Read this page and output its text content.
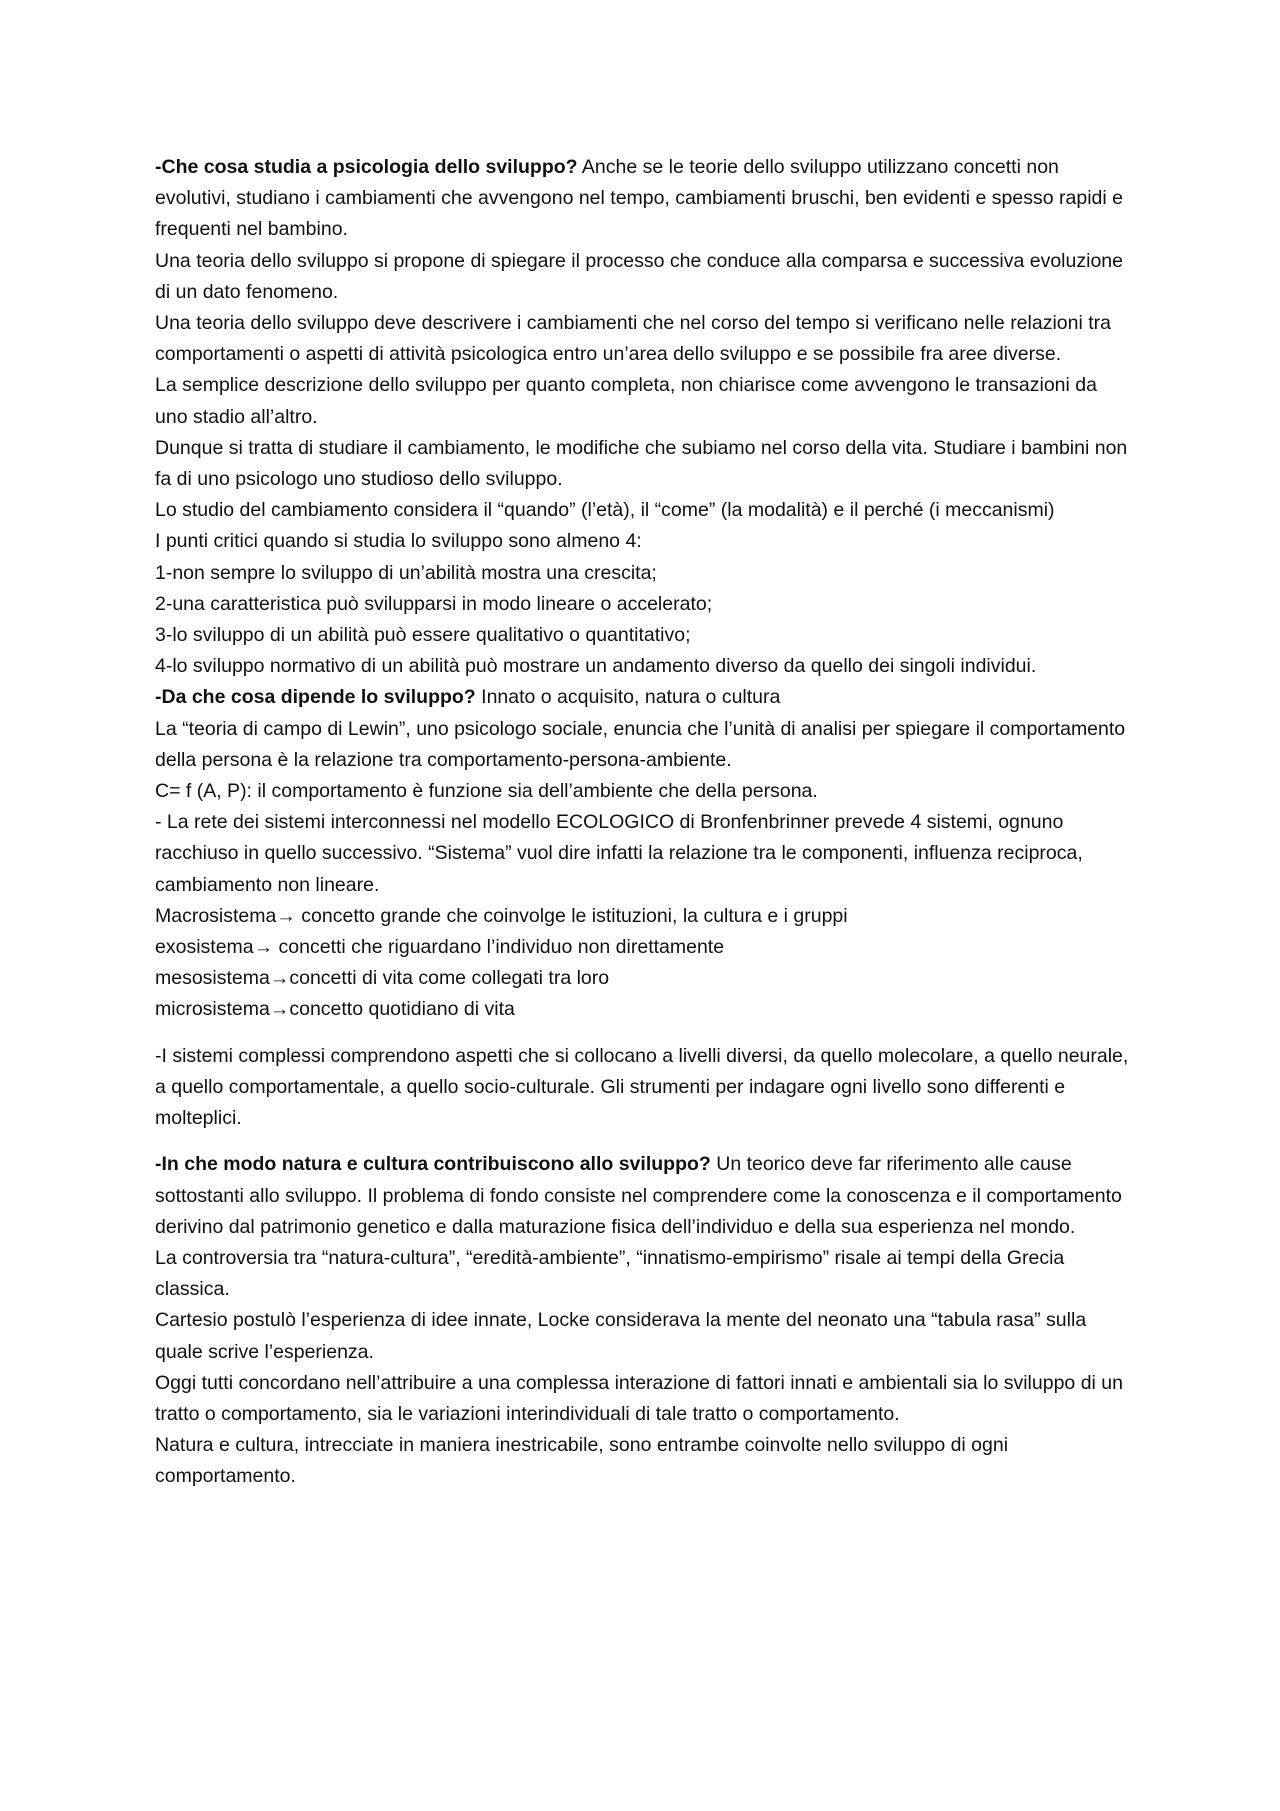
-Che cosa studia a psicologia dello sviluppo? Anche se le teorie dello sviluppo utilizzano concetti non evolutivi, studiano i cambiamenti che avvengono nel tempo, cambiamenti bruschi, ben evidenti e spesso rapidi e frequenti nel bambino.

Una teoria dello sviluppo si propone di spiegare il processo che conduce alla comparsa e successiva evoluzione di un dato fenomeno.

Una teoria dello sviluppo deve descrivere i cambiamenti che nel corso del tempo si verificano nelle relazioni tra comportamenti o aspetti di attività psicologica entro un’area dello sviluppo e se possibile fra aree diverse.

La semplice descrizione dello sviluppo per quanto completa, non chiarisce come avvengono le transazioni da uno stadio all’altro.

Dunque si tratta di studiare il cambiamento, le modifiche che subiamo nel corso della vita. Studiare i bambini non fa di uno psicologo uno studioso dello sviluppo.

Lo studio del cambiamento considera il “quando” (l’età), il “come” (la modalità) e il perché (i meccanismi)

I punti critici quando si studia lo sviluppo sono almeno 4:

1-non sempre lo sviluppo di un’abilità mostra una crescita;

2-una caratteristica può svilupparsi in modo lineare o accelerato;

3-lo sviluppo di un abilità può essere qualitativo o quantitativo;

4-lo sviluppo normativo di un abilità può mostrare un andamento diverso da quello dei singoli individui.

-Da che cosa dipende lo sviluppo? Innato o acquisito, natura o cultura

La “teoria di campo di Lewin”, uno psicologo sociale, enuncia che l’unità di analisi per spiegare il comportamento della persona è la relazione tra comportamento-persona-ambiente.

C= f (A, P): il comportamento è funzione sia dell’ambiente che della persona.

- La rete dei sistemi interconnessi nel modello ECOLOGICO di Bronfenbrinner prevede 4 sistemi, ognuno racchiuso in quello successivo. “Sistema” vuol dire infatti la relazione tra le componenti, influenza reciproca, cambiamento non lineare.

Macrosistema→ concetto grande che coinvolge le istituzioni, la cultura e i gruppi

exosistema→ concetti che riguardano l’individuo non direttamente

mesosistema→concetti di vita come collegati tra loro

microsistema→concetto quotidiano di vita

-I sistemi complessi comprendono aspetti che si collocano a livelli diversi, da quello molecolare, a quello neurale, a quello comportamentale, a quello socio-culturale. Gli strumenti per indagare ogni livello sono differenti e molteplici.

-In che modo natura e cultura contribuiscono allo sviluppo? Un teorico deve far riferimento alle cause sottostanti allo sviluppo. Il problema di fondo consiste nel comprendere come la conoscenza e il comportamento derivino dal patrimonio genetico e dalla maturazione fisica dell’individuo e della sua esperienza nel mondo.

La controversia tra “natura-cultura”, “eredità-ambiente”, “innatismo-empirismo” risale ai tempi della Grecia classica.

Cartesio postulò l’esperienza di idee innate, Locke considerava la mente del neonato una “tabula rasa” sulla quale scrive l’esperienza.

Oggi tutti concordano nell’attribuire a una complessa interazione di fattori innati e ambientali sia lo sviluppo di un tratto o comportamento, sia le variazioni interindividuali di tale tratto o comportamento.

Natura e cultura, intrecciate in maniera inestricabile, sono entrambe coinvolte nello sviluppo di ogni comportamento.
